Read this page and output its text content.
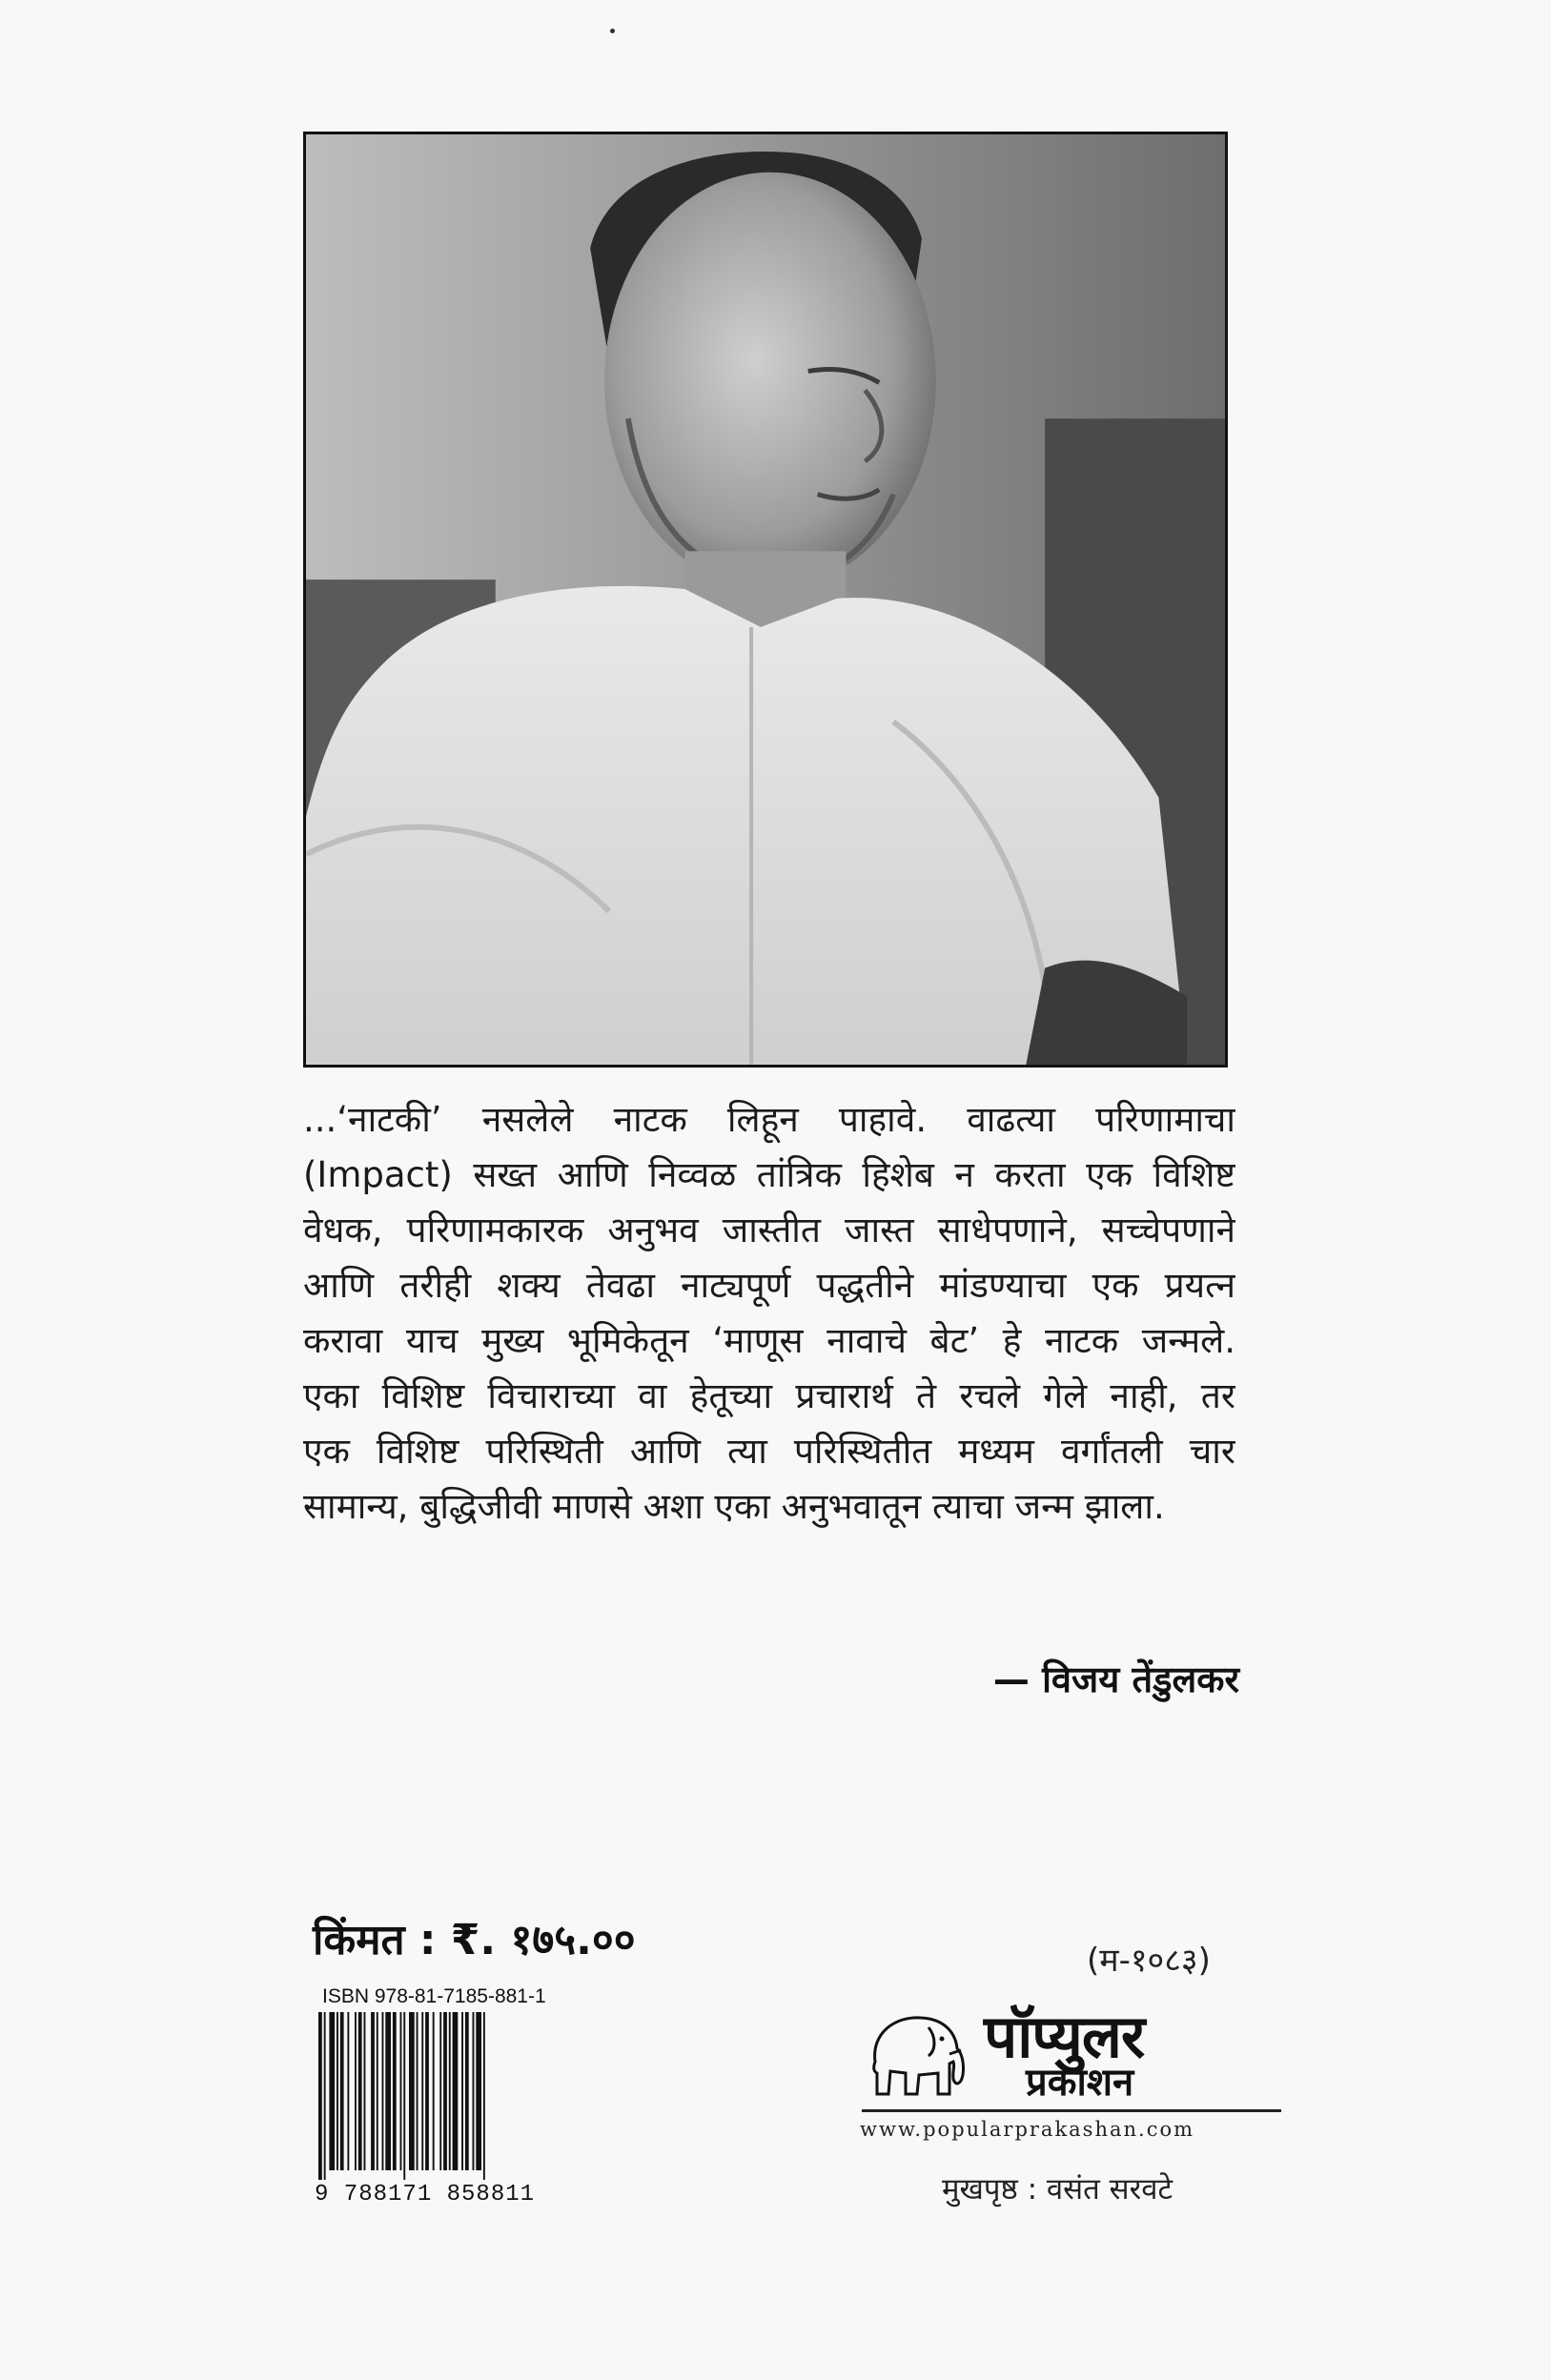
...‘नाटकी’ नसलेले नाटक लिहून पाहावे. वाढत्या परिणामाचा
(Impact) सख्त आणि निव्वळ तांत्रिक हिशेब न करता एक विशिष्ट
वेधक, परिणामकारक अनुभव जास्तीत जास्त साधेपणाने, सच्चेपणाने
आणि तरीही शक्य तेवढा नाट्यपूर्ण पद्धतीने मांडण्याचा एक प्रयत्न
करावा याच मुख्य भूमिकेतून ‘माणूस नावाचे बेट’ हे नाटक जन्मले.
एका विशिष्ट विचाराच्या वा हेतूच्या प्रचारार्थ ते रचले गेले नाही, तर
एक विशिष्ट परिस्थिती आणि त्या परिस्थितीत मध्यम वर्गांतली चार
सामान्य, बुद्धिजीवी माणसे अशा एका अनुभवातून त्याचा जन्म झाला.
— विजय तेंडुलकर
किंमत : ₹. १७५.००
ISBN 978-81-7185-881-1
9 788171 858811
(म-१०८३)
पॉप्युलर
प्रकाशन
www.popularprakashan.com
मुखपृष्ठ : वसंत सरवटे
